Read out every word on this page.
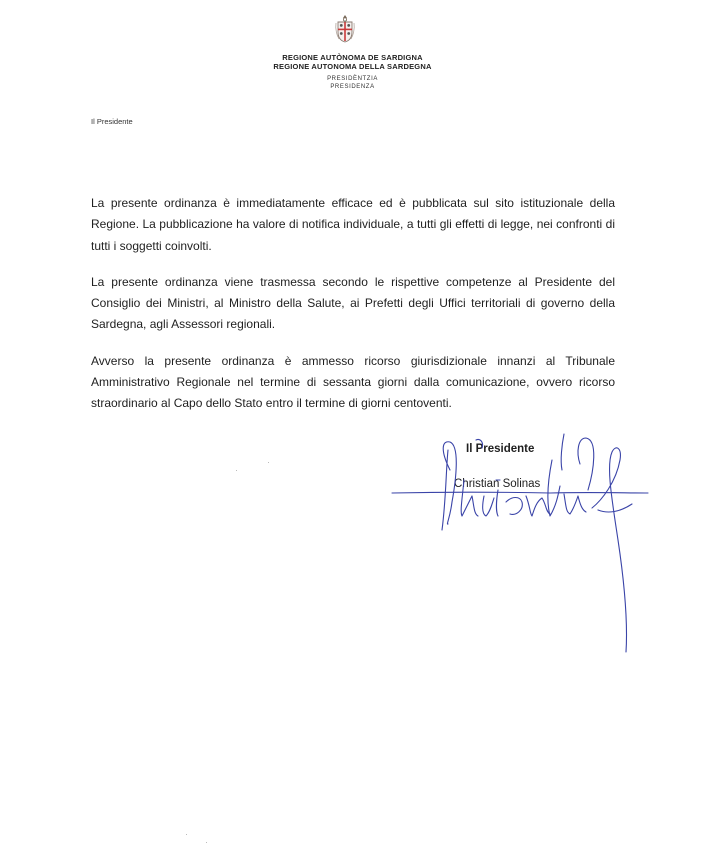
REGIONE AUTÒNOMA DE SARDIGNA
REGIONE AUTONOMA DELLA SARDEGNA
PRESIDÈNTZIA
PRESIDENZA
Il Presidente

La presente ordinanza è immediatamente efficace ed è pubblicata sul sito istituzionale della Regione. La pubblicazione ha valore di notifica individuale, a tutti gli effetti di legge, nei confronti di tutti i soggetti coinvolti.

La presente ordinanza viene trasmessa secondo le rispettive competenze al Presidente del Consiglio dei Ministri, al Ministro della Salute, ai Prefetti degli Uffici territoriali di governo della Sardegna, agli Assessori regionali.

Avverso la presente ordinanza è ammesso ricorso giurisdizionale innanzi al Tribunale Amministrativo Regionale nel termine di sessanta giorni dalla comunicazione, ovvero ricorso straordinario al Capo dello Stato entro il termine di giorni centoventi.

Il Presidente
Christian Solinas
